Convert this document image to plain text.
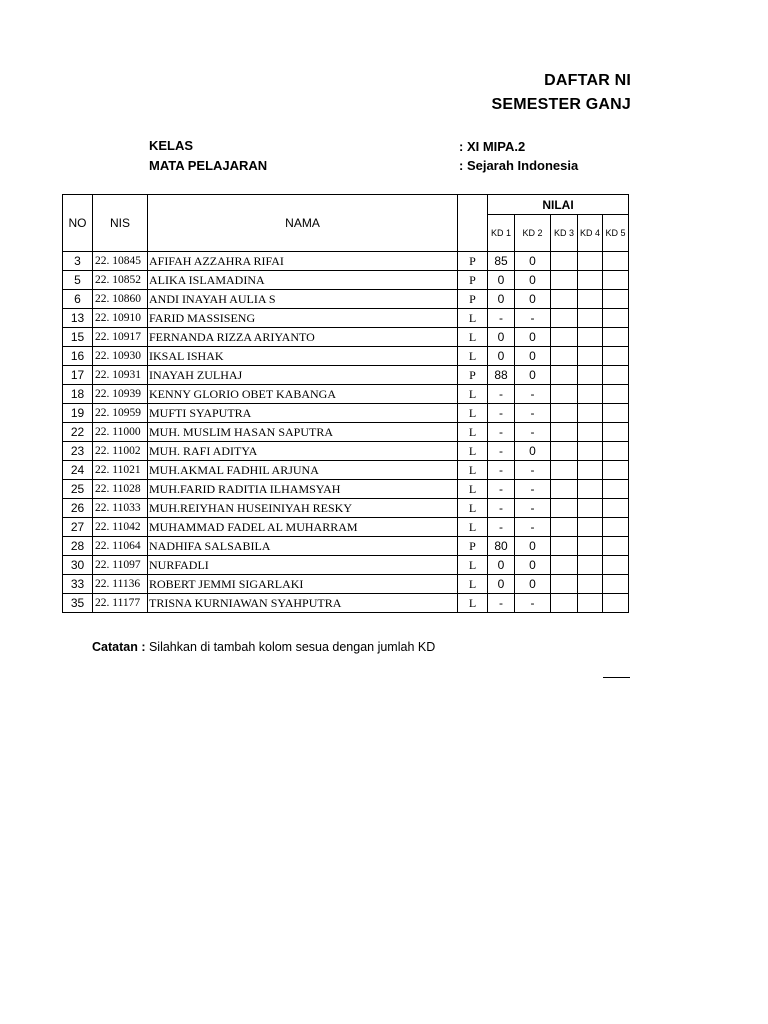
DAFTAR NI
SEMESTER GANJ
KELAS	: XI MIPA.2
MATA PELAJARAN	: Sejarah Indonesia
NO	NIS	NAMA		NILAI				
				KD 1	KD 2	KD 3	KD 4	KD 5
3	22. 10845	AFIFAH AZZAHRA RIFAI	P	85	0			
5	22. 10852	ALIKA ISLAMADINA	P	0	0			
6	22. 10860	ANDI INAYAH AULIA S	P	0	0			
13	22. 10910	FARID MASSISENG	L	-	-			
15	22. 10917	FERNANDA RIZZA ARIYANTO	L	0	0			
16	22. 10930	IKSAL ISHAK	L	0	0			
17	22. 10931	INAYAH ZULHAJ	P	88	0			
18	22. 10939	KENNY GLORIO OBET KABANGA	L	-	-			
19	22. 10959	MUFTI SYAPUTRA	L	-	-			
22	22. 11000	MUH. MUSLIM HASAN SAPUTRA	L	-	-			
23	22. 11002	MUH. RAFI ADITYA	L	-	0			
24	22. 11021	MUH.AKMAL FADHIL ARJUNA	L	-	-			
25	22. 11028	MUH.FARID RADITIA ILHAMSYAH	L	-	-			
26	22. 11033	MUH.REIYHAN HUSEINIYAH RESKY	L	-	-			
27	22. 11042	MUHAMMAD FADEL AL MUHARRAM	L	-	-			
28	22. 11064	NADHIFA SALSABILA	P	80	0			
30	22. 11097	NURFADLI	L	0	0			
33	22. 11136	ROBERT JEMMI SIGARLAKI	L	0	0			
35	22. 11177	TRISNA KURNIAWAN SYAHPUTRA	L	-	-			
Catatan : Silahkan di tambah kolom sesua dengan jumlah KD
